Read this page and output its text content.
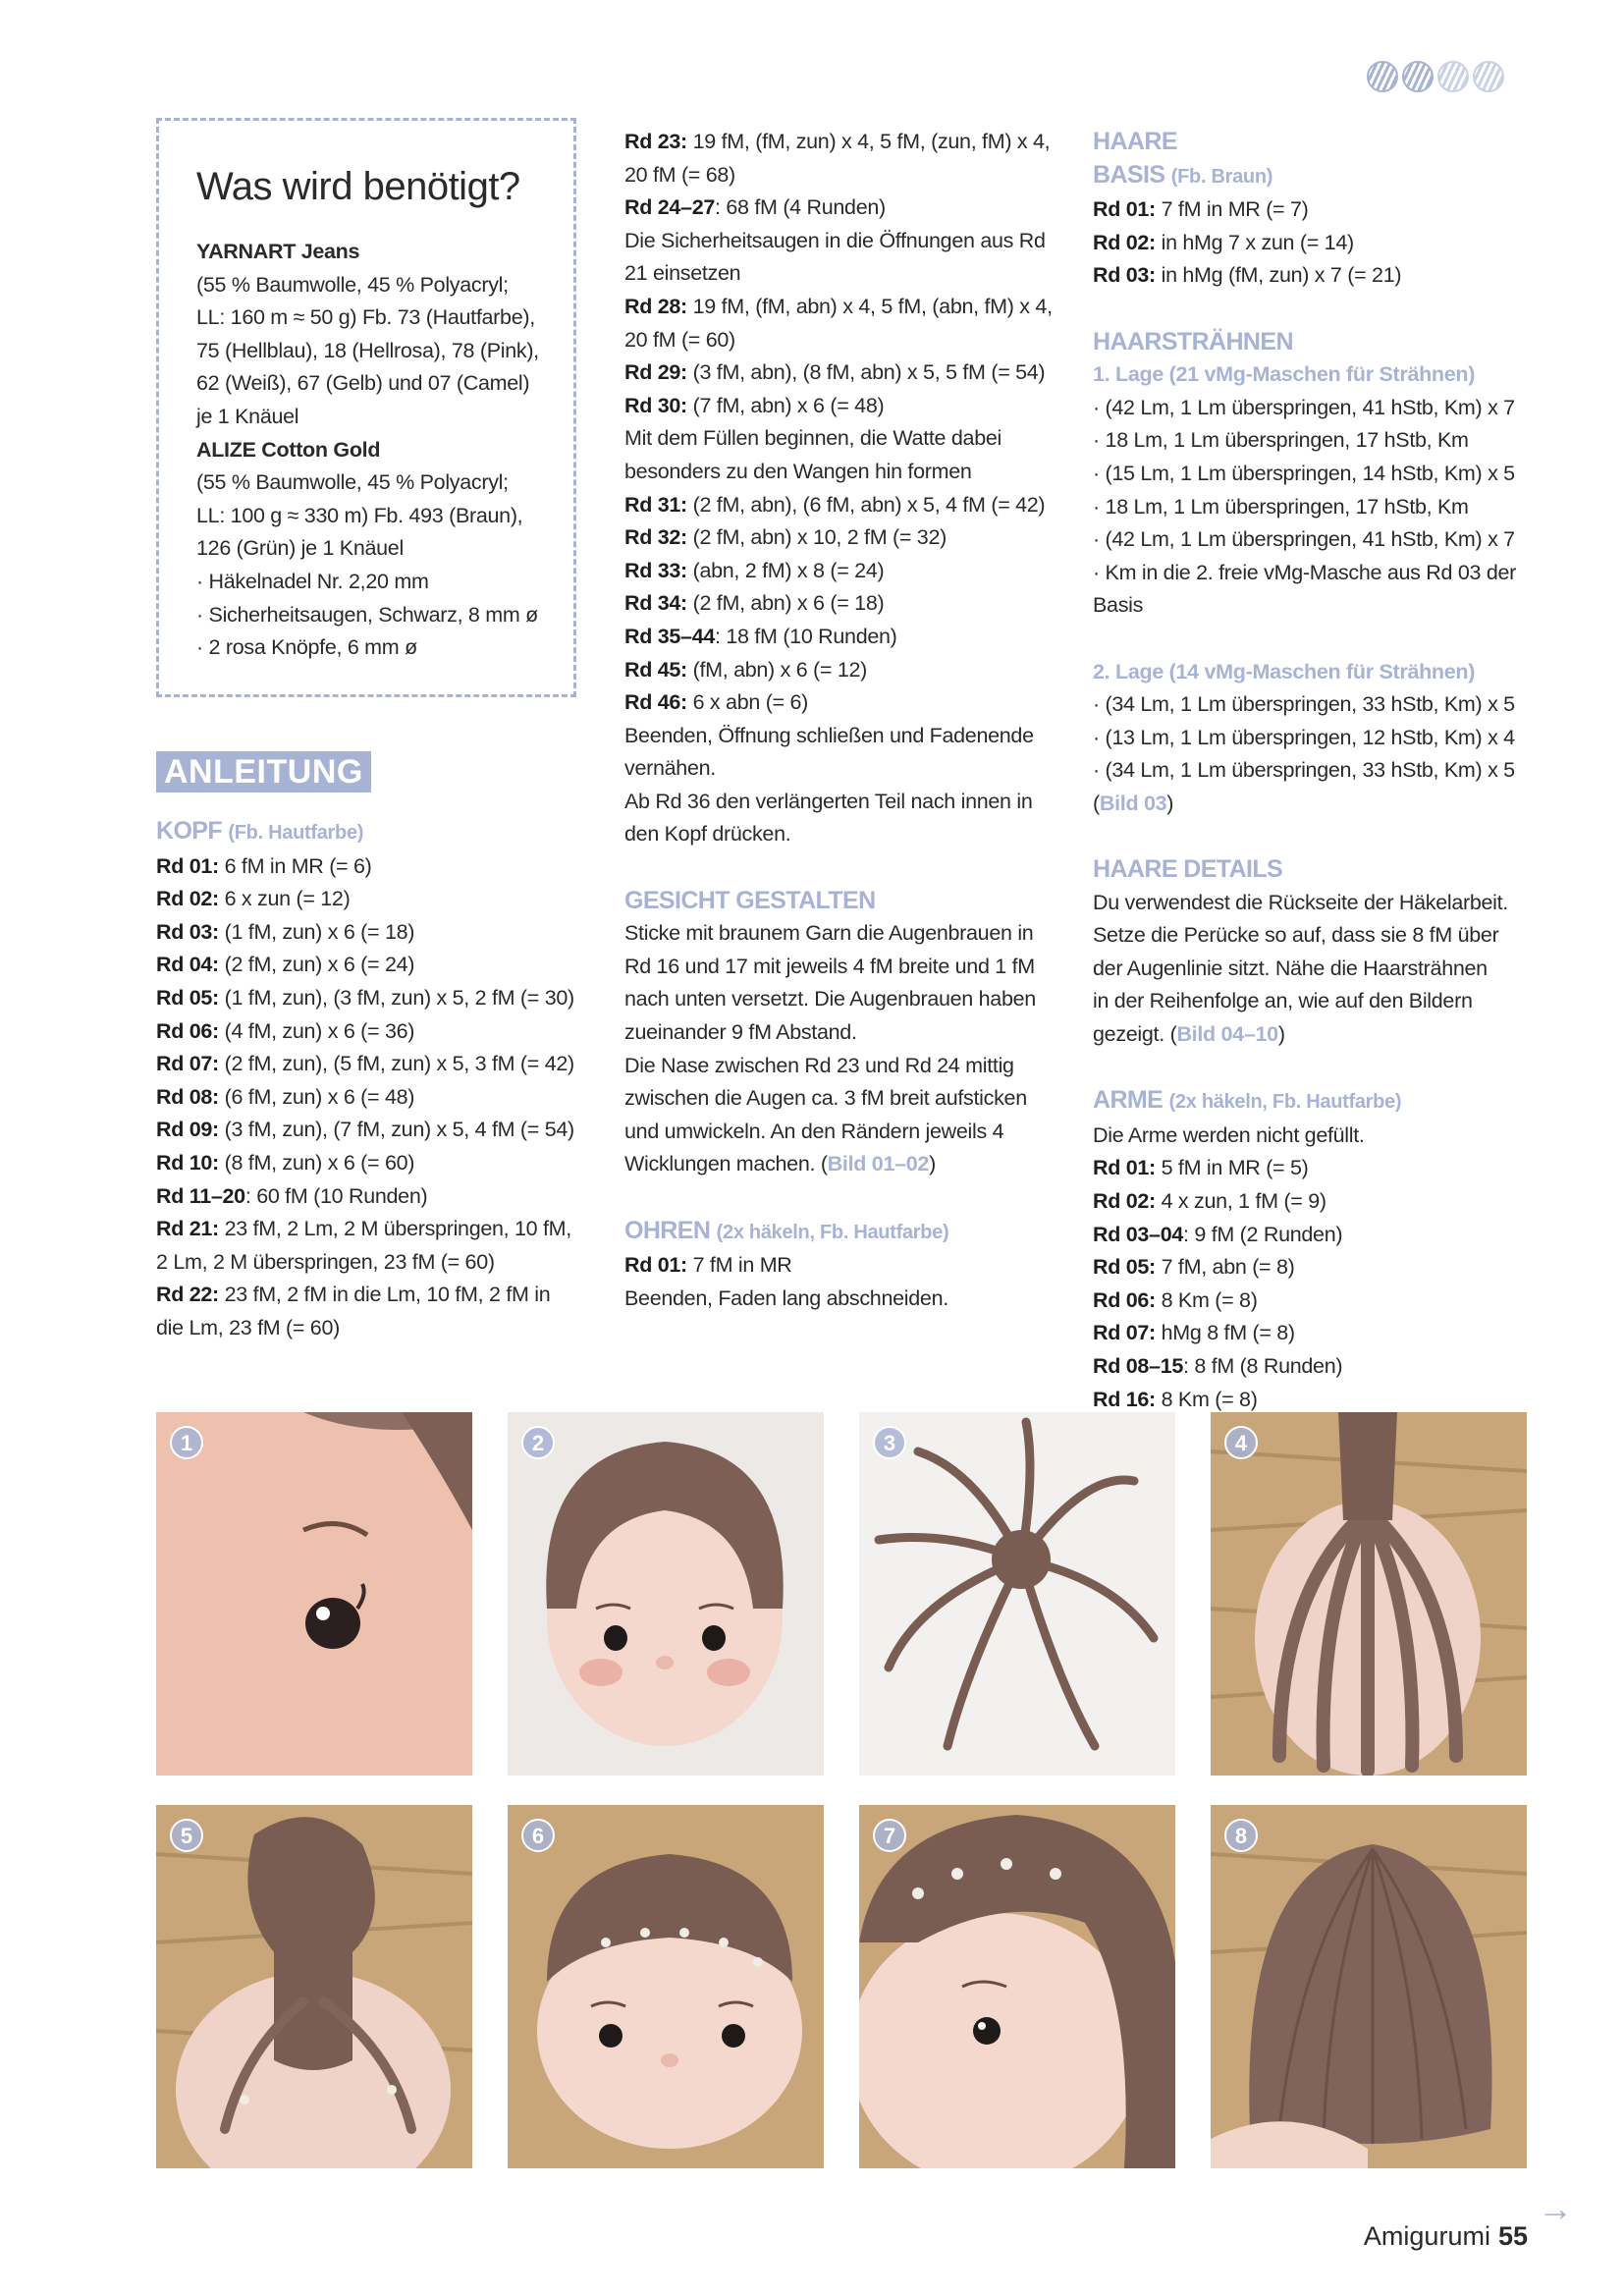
Was wird benötigt?

YARNART Jeans

(55 % Baumwolle, 45 % Polyacryl;

LL: 160 m ≈ 50 g) Fb. 73 (Hautfarbe),

75 (Hellblau), 18 (Hellrosa), 78 (Pink),

62 (Weiß), 67 (Gelb) und 07 (Camel)

je 1 Knäuel

ALIZE Cotton Gold

(55 % Baumwolle, 45 % Polyacryl;

LL: 100 g ≈ 330 m) Fb. 493 (Braun),

126 (Grün) je 1 Knäuel

· Häkelnadel Nr. 2,20 mm

· Sicherheitsaugen, Schwarz, 8 mm ø

· 2 rosa Knöpfe, 6 mm ø

ANLEITUNG

KOPF (Fb. Hautfarbe)

Rd 01: 6 fM in MR (= 6)

Rd 02: 6 x zun (= 12)

Rd 03: (1 fM, zun) x 6 (= 18)

Rd 04: (2 fM, zun) x 6 (= 24)

Rd 05: (1 fM, zun), (3 fM, zun) x 5, 2 fM (= 30)

Rd 06: (4 fM, zun) x 6 (= 36)

Rd 07: (2 fM, zun), (5 fM, zun) x 5, 3 fM (= 42)

Rd 08: (6 fM, zun) x 6 (= 48)

Rd 09: (3 fM, zun), (7 fM, zun) x 5, 4 fM (= 54)

Rd 10: (8 fM, zun) x 6 (= 60)

Rd 11–20: 60 fM (10 Runden)

Rd 21: 23 fM, 2 Lm, 2 M überspringen, 10 fM,

2 Lm, 2 M überspringen, 23 fM (= 60)

Rd 22: 23 fM, 2 fM in die Lm, 10 fM, 2 fM in

die Lm, 23 fM (= 60)

Rd 23: 19 fM, (fM, zun) x 4, 5 fM, (zun, fM) x 4,

20 fM (= 68)

Rd 24–27: 68 fM (4 Runden)

Die Sicherheitsaugen in die Öffnungen aus Rd

21 einsetzen

Rd 28: 19 fM, (fM, abn) x 4, 5 fM, (abn, fM) x 4,

20 fM (= 60)

Rd 29: (3 fM, abn), (8 fM, abn) x 5, 5 fM (= 54)

Rd 30: (7 fM, abn) x 6 (= 48)

Mit dem Füllen beginnen, die Watte dabei

besonders zu den Wangen hin formen

Rd 31: (2 fM, abn), (6 fM, abn) x 5, 4 fM (= 42)

Rd 32: (2 fM, abn) x 10, 2 fM (= 32)

Rd 33: (abn, 2 fM) x 8 (= 24)

Rd 34: (2 fM, abn) x 6 (= 18)

Rd 35–44: 18 fM (10 Runden)

Rd 45: (fM, abn) x 6 (= 12)

Rd 46: 6 x abn (= 6)

Beenden, Öffnung schließen und Fadenende

vernähen.

Ab Rd 36 den verlängerten Teil nach innen in

den Kopf drücken.

GESICHT GESTALTEN

Sticke mit braunem Garn die Augenbrauen in

Rd 16 und 17 mit jeweils 4 fM breite und 1 fM

nach unten versetzt. Die Augenbrauen haben

zueinander 9 fM Abstand.

Die Nase zwischen Rd 23 und Rd 24 mittig

zwischen die Augen ca. 3 fM breit aufsticken

und umwickeln. An den Rändern jeweils 4

Wicklungen machen. (Bild 01–02)

OHREN (2x häkeln, Fb. Hautfarbe)

Rd 01: 7 fM in MR

Beenden, Faden lang abschneiden.

HAARE

BASIS (Fb. Braun)

Rd 01: 7 fM in MR (= 7)

Rd 02: in hMg 7 x zun (= 14)

Rd 03: in hMg (fM, zun) x 7 (= 21)

HAARSTRÄHNEN

1. Lage (21 vMg-Maschen für Strähnen)

· (42 Lm, 1 Lm überspringen, 41 hStb, Km) x 7

· 18 Lm, 1 Lm überspringen, 17 hStb, Km

· (15 Lm, 1 Lm überspringen, 14 hStb, Km) x 5

· 18 Lm, 1 Lm überspringen, 17 hStb, Km

· (42 Lm, 1 Lm überspringen, 41 hStb, Km) x 7

· Km in die 2. freie vMg-Masche aus Rd 03 der Basis

2. Lage (14 vMg-Maschen für Strähnen)

· (34 Lm, 1 Lm überspringen, 33 hStb, Km) x 5

· (13 Lm, 1 Lm überspringen, 12 hStb, Km) x 4

· (34 Lm, 1 Lm überspringen, 33 hStb, Km) x 5

(Bild 03)

HAARE DETAILS

Du verwendest die Rückseite der Häkelarbeit.

Setze die Perücke so auf, dass sie 8 fM über

der Augenlinie sitzt. Nähe die Haarsträhnen

in der Reihenfolge an, wie auf den Bildern

gezeigt. (Bild 04–10)

ARME (2x häkeln, Fb. Hautfarbe)

Die Arme werden nicht gefüllt.

Rd 01: 5 fM in MR (= 5)

Rd 02: 4 x zun, 1 fM (= 9)

Rd 03–04: 9 fM (2 Runden)

Rd 05: 7 fM, abn (= 8)

Rd 06: 8 Km (= 8)

Rd 07: hMg 8 fM (= 8)

Rd 08–15: 8 fM (8 Runden)

Rd 16: 8 Km (= 8)

1	2	3	4
5	6	7	8
→
Amigurumi 55
